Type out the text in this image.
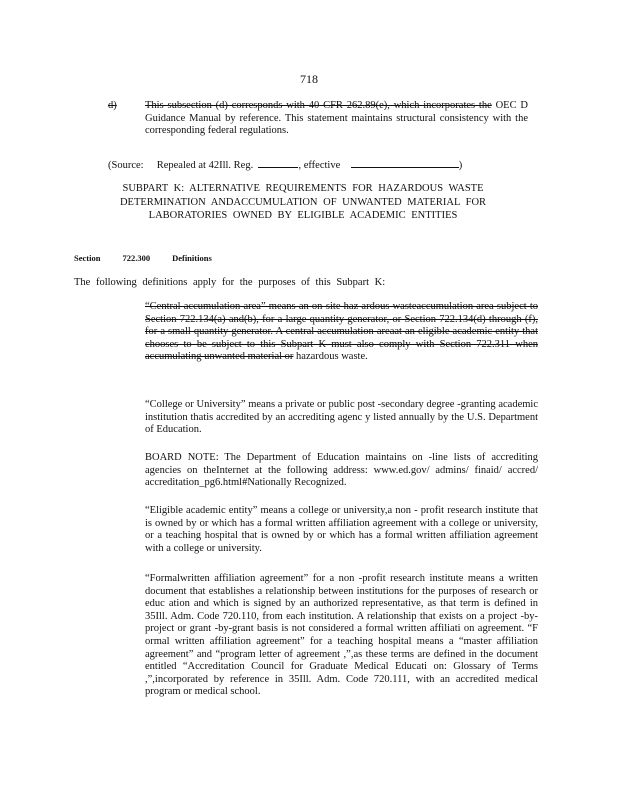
718
d)	This subsection (d) corresponds with 40 CFR 262.89(e), which incorporates the OEC D Guidance Manual by reference. This statement maintains structural consistency with the corresponding federal regulations.
(Source: Repealed at 42Ill. Reg.	, effective	)
SUBPART K: ALTERNATIVE REQUIREMENTS FOR HAZARDOUS WASTE DETERMINATION ANDACCUMULATION OF UNWANTED MATERIAL FOR LABORATORIES OWNED BY ELIGIBLE ACADEMIC ENTITIES
Section	722.300	Definitions
The following definitions apply for the purposes of this Subpart K:
“Central accumulation area” means an on-site haz ardous wasteaccumulation area subject to Section 722.134(a) and(b), for a large quantity generator, or Section 722.134(d) through (f), for a small quantity generator. A central accumulation areaat an eligible academic entity that chooses to be subject to this Subpart K must also comply with Section 722.311 when accumulating unwanted material or hazardous waste.
“College or University” means a private or public post -secondary degree -granting academic institution thatis accredited by an accrediting agenc y listed annually by the U.S. Department of Education.
BOARD NOTE: The Department of Education maintains on -line lists of accrediting agencies on theInternet at the following address: www.ed.gov/ admins/ finaid/ accred/ accreditation_pg6.html#Nationally Recognized.
“Eligible academic entity” means a college or university,a non - profit research institute that is owned by or which has a formal written affiliation agreement with a college or university, or a teaching hospital that is owned by or which has a formal written affiliation agreement with a college or university.
“Formalwritten affiliation agreement” for a non -profit research institute means a written document that establishes a relationship between institutions for the purposes of research or educ ation and which is signed by an authorized representative, as that term is defined in 35Ill. Adm. Code 720.110, from each institution. A relationship that exists on a project -by-project or grant -by-grant basis is not considered a formal written affiliati on agreement. “F ormal written affiliation agreement” for a teaching hospital means a “master affiliation agreement” and “program letter of agreement ,”,as these terms are defined in the document entitled “Accreditation Council for Graduate Medical Educati on: Glossary of Terms ,”,incorporated by reference in 35Ill. Adm. Code 720.111, with an accredited medical program or medical school.
